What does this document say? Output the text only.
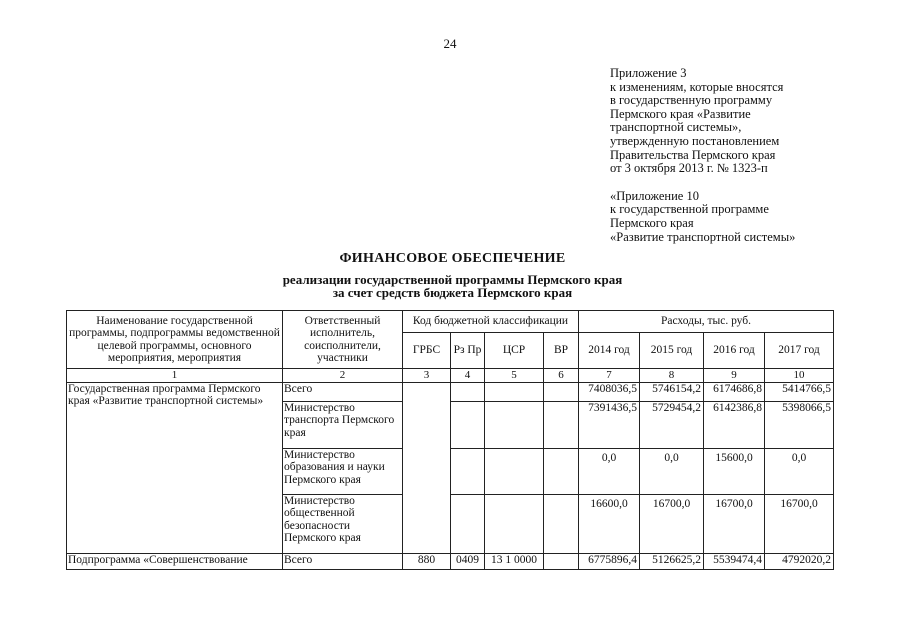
24
Приложение 3
к изменениям, которые вносятся
в государственную программу
Пермского края «Развитие
транспортной системы»,
утвержденную постановлением
Правительства Пермского края
от 3 октября 2013 г. № 1323-п
«Приложение 10
к государственной программе
Пермского края
«Развитие транспортной системы»
ФИНАНСОВОЕ ОБЕСПЕЧЕНИЕ
реализации государственной программы Пермского края
за счет средств бюджета Пермского края
Наименование государственной программы, подпрограммы ведомственной целевой программы, основного мероприятия, мероприятия	Ответственный исполнитель, соисполнители, участники	Код бюджетной классификации				Расходы, тыс. руб.			
		ГРБС	Рз Пр	ЦСР	ВР	2014 год	2015 год	2016 год	2017 год
1	2	3	4	5	6	7	8	9	10
Государственная программа Пермского края «Развитие транспортной системы»	Всего					7408036,5	5746154,2	6174686,8	5414766,5
	Министерство транспорта Пермского края					7391436,5	5729454,2	6142386,8	5398066,5
	Министерство образования и науки Пермского края					0,0	0,0	15600,0	0,0
	Министерство общественной безопасности Пермского края					16600,0	16700,0	16700,0	16700,0
Подпрограмма «Совершенствование	Всего	880	0409	13 1 0000		6775896,4	5126625,2	5539474,4	4792020,2
